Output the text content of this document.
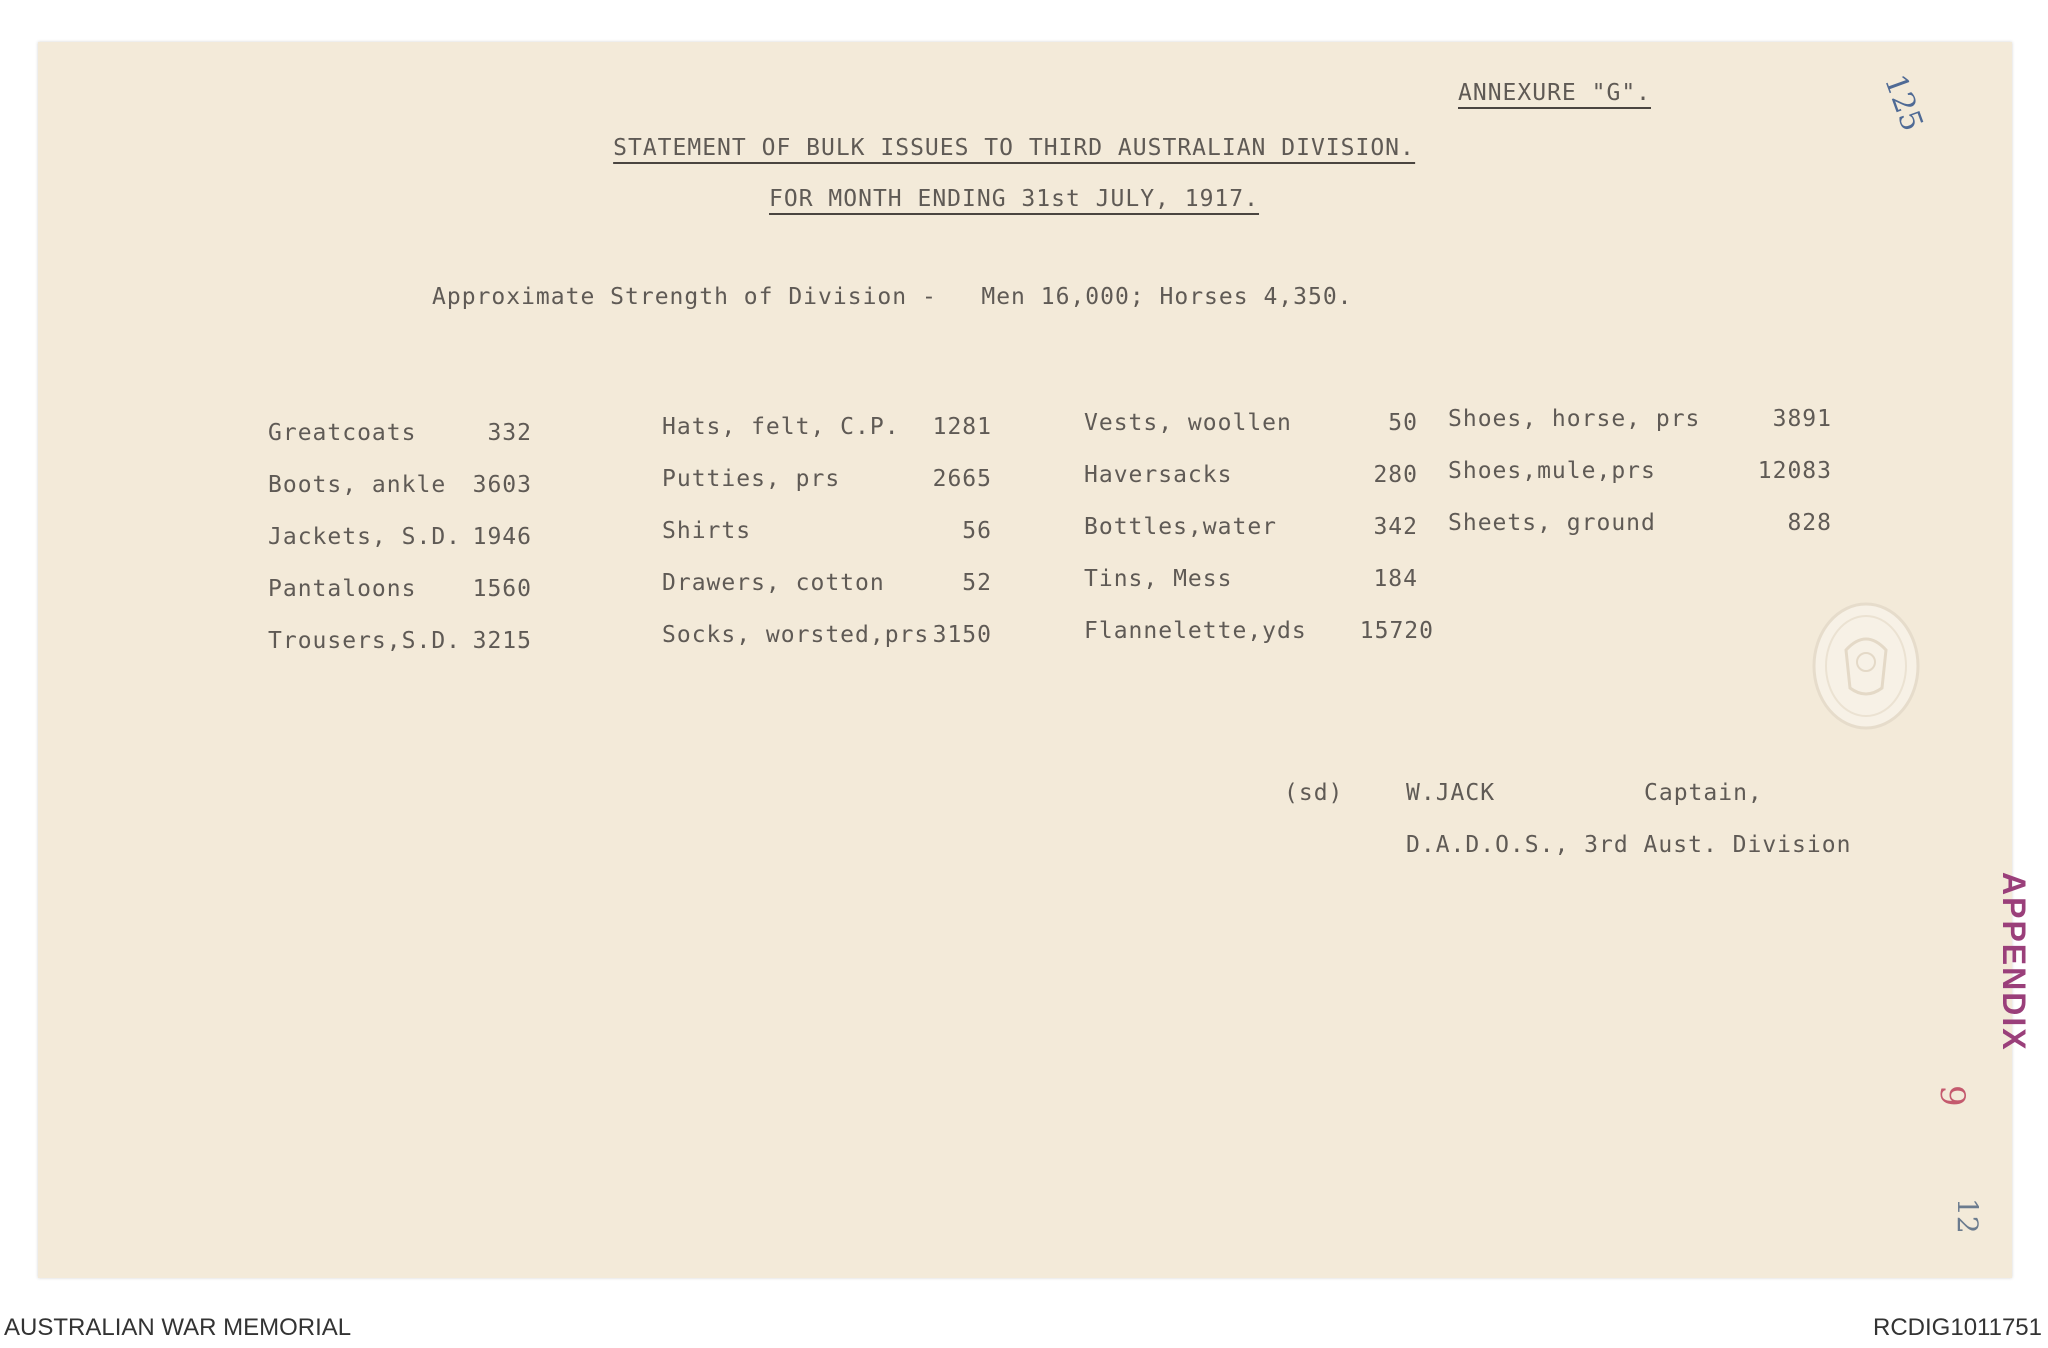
ANNEXURE "G".
STATEMENT OF BULK ISSUES TO THIRD AUSTRALIAN DIVISION.
FOR MONTH ENDING 31st JULY, 1917.
Approximate Strength of Division -   Men 16,000; Horses 4,350.
Greatcoats	332
Boots, ankle 3603
Jackets, S.D. 1946
Pantaloons 1560
Trousers,S.D. 3215
Hats, felt, C.P. 1281
Putties, prs	2665
Shirts	56
Drawers, cotton	52
Socks, worsted,prs 3150
Vests, woollen	50
Haversacks	280
Bottles,water	342
Tins, Mess	184
Flannelette,yds 15720
Shoes, horse, prs	3891
Shoes,mule,prs	12083
Sheets, ground	828
(sd)	W.JACK	Captain,
D.A.D.O.S., 3rd Aust. Division
APPENDIX
125
9
12
AUSTRALIAN WAR MEMORIAL	RCDIG1011751
